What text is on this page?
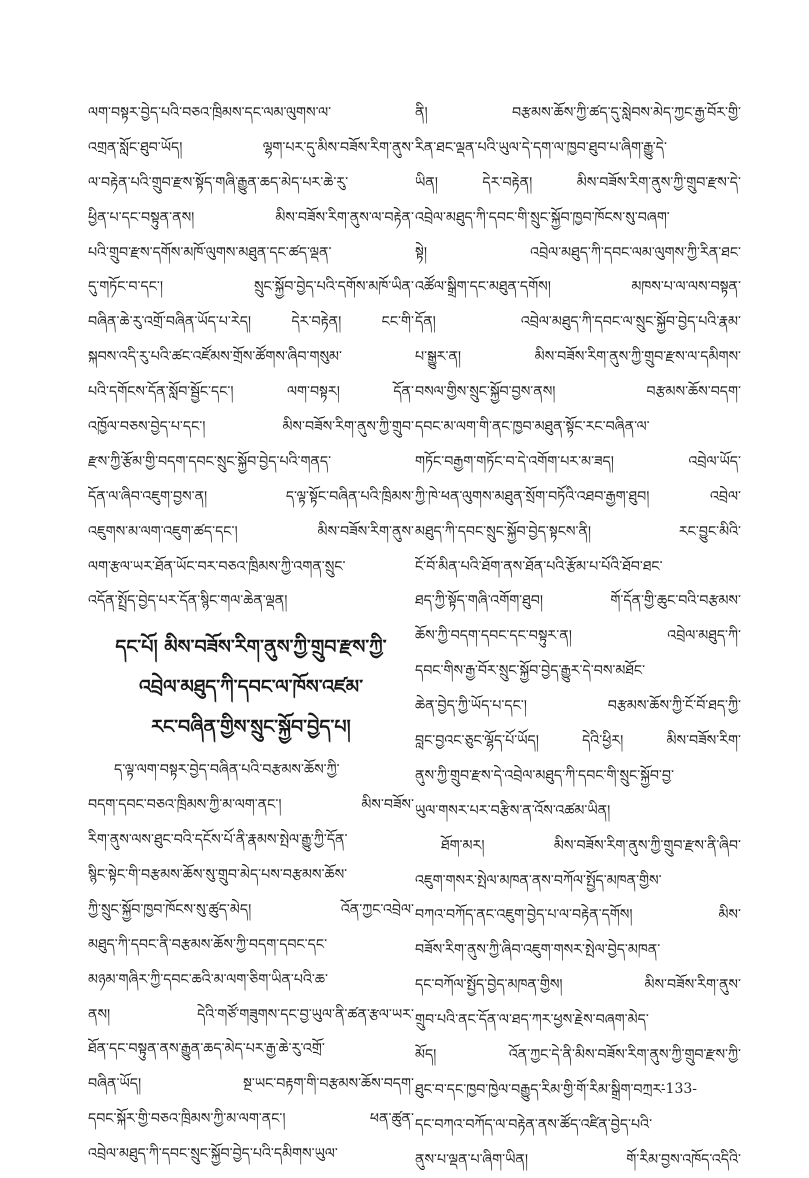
ལག་བསྟར་བྱེད་པའི་བཅའ་ཁྲིམས་དང་ལམ་ལུགས་ལ་
འགྲན་སློང་ཐུབ་ཡོད། ལྷག་པར་དུ་མིས་བཟོས་རིག་ནུས་
ལ་བརྟེན་པའི་གྲུབ་རྫས་སྟོད་གཞི་རྒྱུན་ཆད་མེད་པར་ཆེ་རུ་
ཕྱིན་པ་དང་བསྟུན་ནས། མིས་བཟོས་རིག་ནུས་ལ་བརྟེན་
པའི་གྲུབ་རྫས་དགོས་མཁོ་ལུགས་མཐུན་དང་ཚད་ལྡན་
དུ་གཏོང་བ་དང་། སྲུང་སྐྱོབ་བྱེད་པའི་དགོས་མཁོ་ཡིན་
བཞིན་ཆེ་རུ་འགྲོ་བཞིན་ཡོད་པ་རེད། དེར་བརྟེན། ངང་གི་
སྐབས་འདི་རུ་པའི་ཚང་འཛོམས་གྲོས་ཚོགས་ཞིབ་གསུམ་
པའི་དགོངས་དོན་སློབ་སྦྱོང་དང་། ལག་བསྟར། དོན་
འཁྱོལ་བཅས་བྱེད་པ་དང་། མིས་བཟོས་རིག་ནུས་ཀྱི་གྲུབ་
རྫས་ཀྱི་རྩོམ་གྱི་བདག་དབང་སྲུང་སྐྱོབ་བྱེད་པའི་གནད་
དོན་ལ་ཞིབ་འཇུག་བྱས་ན། ད་ལྟ་སྟོང་བཞིན་པའི་ཁྲིམས་
འཇུགས་མ་ལག་འཇུག་ཚད་དང་། མིས་བཟོས་རིག་ནུས་
ལག་རྩལ་ཡར་ཐོན་ཡོང་བར་བཅའ་ཁྲིམས་ཀྱི་འགན་སྲུང་
འདོན་སྤྲོད་བྱེད་པར་དོན་སྙིང་གལ་ཆེན་ལྡན།
དང་པོ། མིས་བཟོས་རིག་ནུས་ཀྱི་གྲུབ་རྫས་ཀྱི་
འབྲེལ་མཐུད་ཀི་དབང་ལ་ཁོས་འཛམ་
རང་བཞིན་གྱིས་སྲུང་སྐྱོབ་བྱེད་པ།
ད་ལྟ་ལག་བསྟར་བྱེད་བཞིན་པའི་བརྩམས་ཆོས་ཀྱི་
བདག་དབང་བཅའ་ཁྲིམས་ཀྱི་མ་ལག་ནང་། མིས་བཟོས་
རིག་ནུས་ལས་ཐུང་བའི་དངོས་པོ་ནི་རྣམས་སྤེལ་རྒྱུ་ཀྱི་དོན་
སྙིང་སྟེང་གི་བརྩམས་ཆོས་སུ་གྲུབ་མེད་པས་བརྩམས་ཆོས་
ཀྱི་སྲུང་སྐྱོབ་ཁྱབ་ཁོངས་སུ་ཚུད་མེད། འོན་ཀྱང་འབྲེལ་
མཐུད་ཀི་དབང་ནི་བརྩམས་ཆོས་ཀྱི་བདག་དབང་དང་
མཉམ་གཞིར་ཀྱི་དབང་ཆའི་མ་ལག་ཅིག་ཡིན་པའི་ཆ་
ནས། དེའི་གཙོ་གཟུགས་དང་བྱ་ཡུལ་ནི་ཚན་རྩལ་ཡར་
ཐོན་དང་བསྟུན་ནས་རྒྱུན་ཆད་མེད་པར་རྒྱ་ཆེ་རུ་འགྲོ་
བཞིན་ཡོད། སྔ་ཡང་བརྟག་གི་བརྩམས་ཆོས་བདག་
དབང་སྐོར་གྱི་བཅའ་ཁྲིམས་ཀྱི་མ་ལག་ནང་། ཕན་ཚུན་
འབྲེལ་མཐུད་ཀི་དབང་སྲུང་སྐྱོབ་བྱེད་པའི་དམིགས་ཡུལ་
ནི། བརྩམས་ཆོས་ཀྱི་ཚད་དུ་སླེབས་མེད་ཀྱང་རྒྱ་བོར་གྱི་
རིན་ཐང་ལྡན་པའི་ཡུལ་དེ་དག་ལ་ཁྱབ་ཐུབ་པ་ཞིག་རྒྱུ་དེ་
ཡིན། དེར་བརྟེན། མིས་བཟོས་རིག་ནུས་ཀྱི་གྲུབ་རྫས་དེ་
འབྲེལ་མཐུད་ཀི་དབང་གི་སྲུང་སྐྱོབ་ཁྱབ་ཁོངས་སུ་བཞག་
སྟེ། འབྲེལ་མཐུད་ཀི་དབང་ལམ་ལུགས་ཀྱི་རིན་ཐང་
འཚོལ་སྒྲིག་དང་མཐུན་དགོས། མཁས་པ་ལ་ལས་བསྟན་
དོན། འབྲེལ་མཐུད་ཀི་དབང་ལ་སྲུང་སྐྱོབ་བྱེད་པའི་རྣམ་
པ་སྒྱུར་ན། མིས་བཟོས་རིག་ནུས་ཀྱི་གྲུབ་རྫས་ལ་དམིགས་
བསལ་གྱིས་སྲུང་སྐྱོབ་བྱས་ནས། བརྩམས་ཆོས་བདག་
དབང་མ་ལག་གི་ནང་ཁྱབ་མཐུན་སྟོང་རང་བཞིན་ལ་
གཏོང་བརྒྱག་གཏོང་བ་དེ་འགོག་པར་མ་ཟད། འབྲེལ་ཡོད་
ཀྱི་ཁེ་ཕན་ལུགས་མཐུན་སྲོག་བཏོའི་འཐབ་རྒྱག་ཐུབ། འབྲེལ་
མཐུད་ཀི་དབང་སྲུང་སྐྱོབ་བྱེད་སྟངས་ནི། རང་བྱུང་མིའི་
ངོ་བོ་མིན་པའི་ཐོག་ནས་ཐོན་པའི་རྩོམ་པ་པོའི་ཐོབ་ཐང་
ཐད་ཀྱི་སྟོད་གཞི་འགོག་ཐུབ། གོ་དོན་གྱི་ཆུང་བའི་བརྩམས་
ཆོས་ཀྱི་བདག་དབང་དང་བསྟུར་ན། འབྲེལ་མཐུད་ཀི་
དབང་གིས་རྒྱ་བོར་སྲུང་སྐྱོབ་བྱེད་རྒྱུར་དེ་བས་མཐོང་
ཆེན་བྱེད་ཀྱི་ཡོད་པ་དང་། བརྩམས་ཆོས་ཀྱི་ངོ་བོ་ཐད་ཀྱི་
བླང་བྱའང་ཅུང་ལྷོད་པོ་ཡོད། དེའི་ཕྱིར། མིས་བཟོས་རིག་
ནུས་ཀྱི་གྲུབ་རྫས་དེ་འབྲེལ་མཐུད་ཀི་དབང་གི་སྲུང་སྐྱོབ་བྱ་
ཡུལ་གསར་པར་བརྩིས་ན་འོས་འཚམ་ཡིན།
ཐོག་མར། མིས་བཟོས་རིག་ནུས་ཀྱི་གྲུབ་རྫས་ནི་ཞིབ་
འཇུག་གསར་སྤེལ་མཁན་ནས་བཀོལ་སྤྱོད་མཁན་གྱིས་
བཀའ་བཀོད་ནང་འཇུག་བྱེད་པ་ལ་བརྟེན་དགོས། མིས་
བཟོས་རིག་ནུས་ཀྱི་ཞིབ་འཇུག་གསར་སྤེལ་བྱེད་མཁན་
དང་བཀོལ་སྤྱོད་བྱེད་མཁན་གྱིས། མིས་བཟོས་རིག་ནུས་
གྲུབ་པའི་ནང་དོན་ལ་ཐད་ཀར་ཕྱས་རྗེས་བཞག་མེད་
མོད། འོན་ཀྱང་དེ་ནི་མིས་བཟོས་རིག་ནུས་ཀྱི་གྲུབ་རྫས་ཀྱི་
ཐུང་བ་དང་ཁྱབ་ཁྱེལ་བརྒྱུད་རིམ་གྱི་གོ་རིམ་སྒྲིག་བཀྲར་
དང་བཀའ་བཀོད་ལ་བརྟེན་ནས་ཚོད་འཛིན་བྱེད་པའི་
ནུས་པ་ལྡན་པ་ཞིག་ཡིན། གོ་རིམ་བྱས་འཁོད་འདིའི་
-133-
